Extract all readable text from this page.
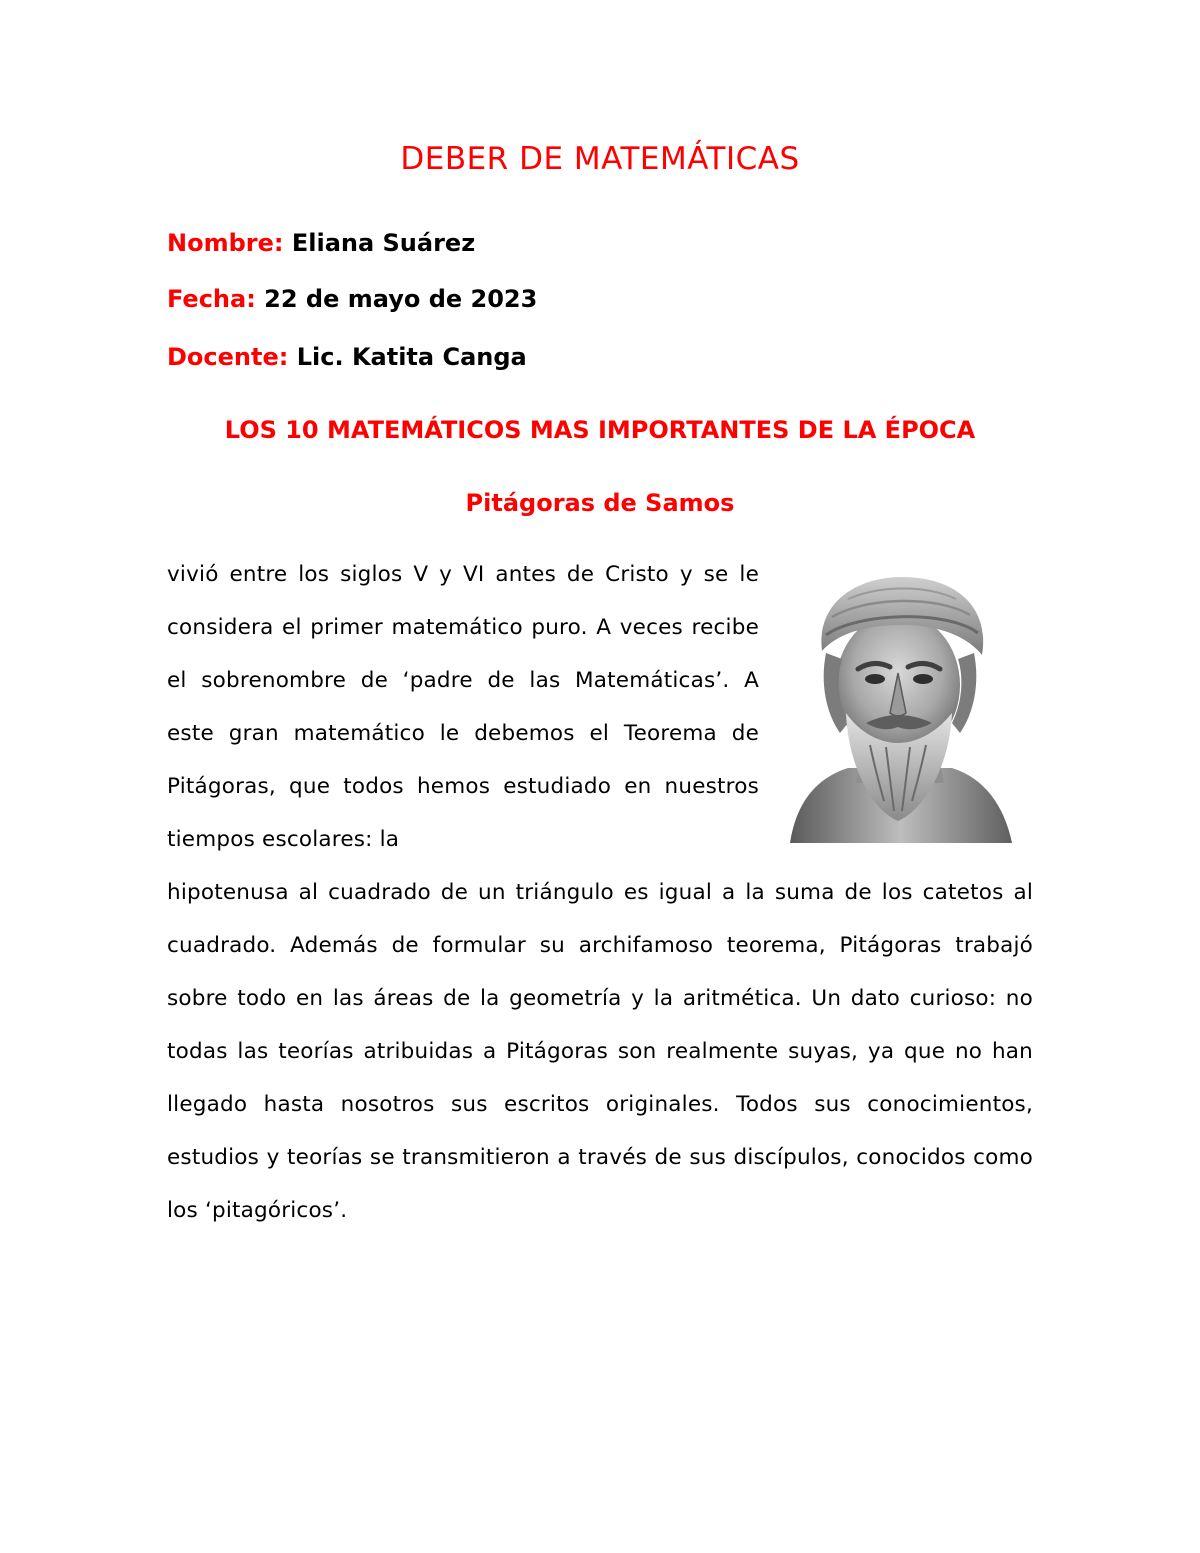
DEBER DE MATEMÁTICAS

Nombre: Eliana Suárez

Fecha: 22 de mayo de 2023

Docente: Lic. Katita Canga

LOS 10 MATEMÁTICOS MAS IMPORTANTES DE LA ÉPOCA
Pitágoras de Samos

vivió entre los siglos V y VI antes de Cristo y se le considera el primer matemático puro. A veces recibe el sobrenombre de ‘padre de las Matemáticas’. A este gran matemático le debemos el Teorema de Pitágoras, que todos hemos estudiado en nuestros tiempos escolares: la

hipotenusa al cuadrado de un triángulo es igual a la suma de los catetos al cuadrado. Además de formular su archifamoso teorema, Pitágoras trabajó sobre todo en las áreas de la geometría y la aritmética. Un dato curioso: no todas las teorías atribuidas a Pitágoras son realmente suyas, ya que no han llegado hasta nosotros sus escritos originales. Todos sus conocimientos, estudios y teorías se transmitieron a través de sus discípulos, conocidos como los ‘pitagóricos’.
